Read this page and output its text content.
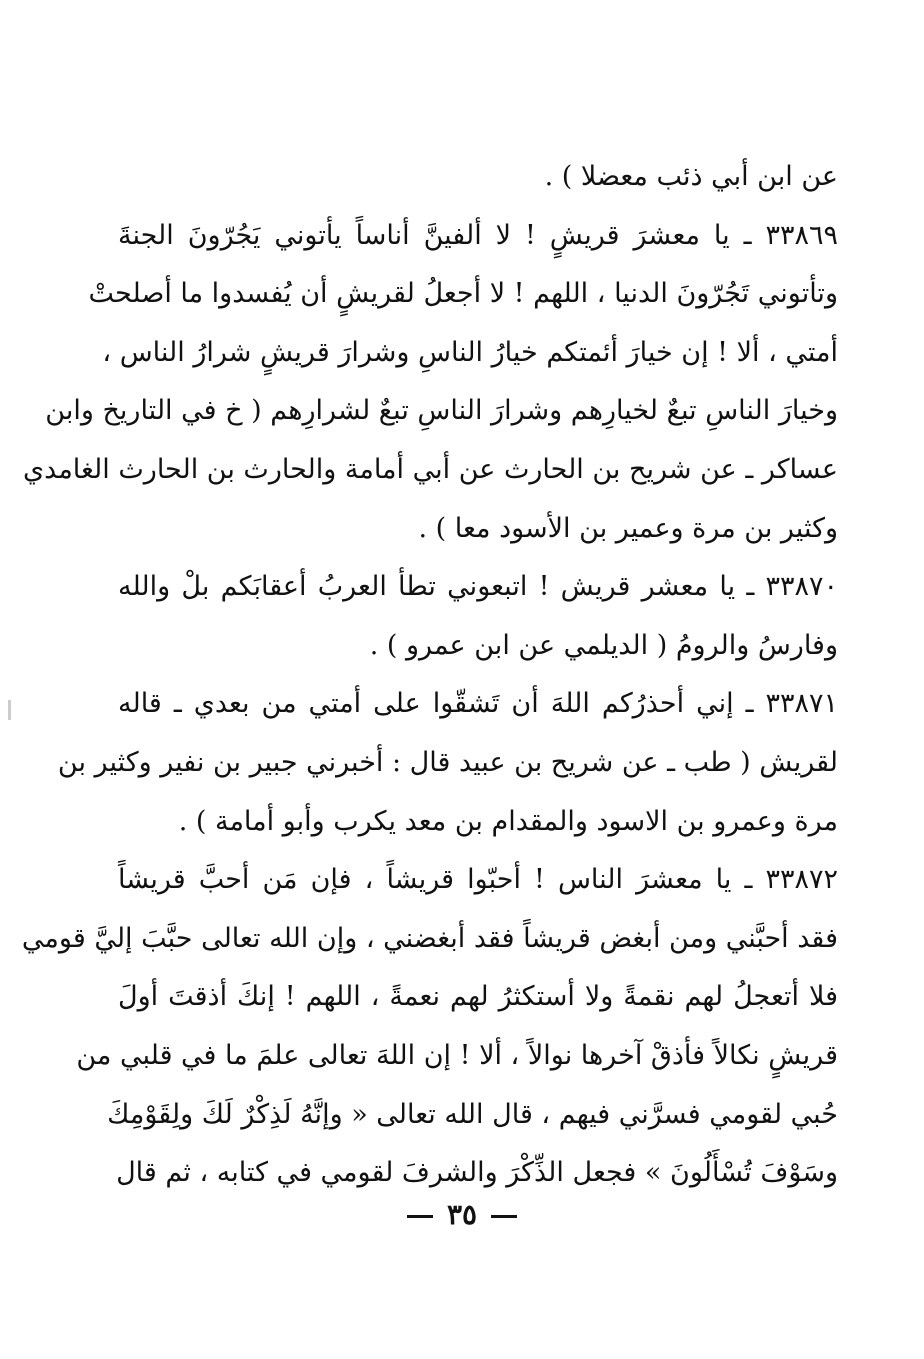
عن ابن أبي ذئب معضلا ) .
٣٣٨٦٩ ـ يا معشرَ قريشٍ ! لا ألفينَّ أناساً يأتوني يَجُرّونَ الجنةَ
وتأتوني تَجُرّونَ الدنيا ، اللهم ! لا أجعلُ لقريشٍ أن يُفسدوا ما أصلحتْ
أمتي ، ألا ! إن خيارَ أئمتكم خيارُ الناسِ وشرارَ قريشٍ شرارُ الناس ،
وخيارَ الناسِ تبعٌ لخيارِهم وشرارَ الناسِ تبعٌ لشرارِهم ( خ في التاريخ وابن
عساكر ـ عن شريح بن الحارث عن أبي أمامة والحارث بن الحارث الغامدي
وكثير بن مرة وعمير بن الأسود معا ) .
٣٣٨٧٠ ـ يا معشر قريش ! اتبعوني تطأ العربُ أعقابَكم بلْ والله
وفارسُ والرومُ ( الديلمي عن ابن عمرو ) .
٣٣٨٧١ ـ إني أحذرُكم اللهَ أن تَشقّوا على أمتي من بعدي ـ قاله
لقريش ( طب ـ عن شريح بن عبيد قال : أخبرني جبير بن نفير وكثير بن
مرة وعمرو بن الاسود والمقدام بن معد يكرب وأبو أمامة ) .
٣٣٨٧٢ ـ يا معشرَ الناس ! أحبّوا قريشاً ، فإن مَن أحبَّ قريشاً
فقد أحبَّني ومن أبغض قريشاً فقد أبغضني ، وإن الله تعالى حبَّبَ إليَّ قومي
فلا أتعجلُ لهم نقمةً ولا أستكثرُ لهم نعمةً ، اللهم ! إنكَ أذقتَ أولَ
قريشٍ نكالاً فأذقْ آخرها نوالاً ، ألا ! إن اللهَ تعالى علمَ ما في قلبي من
حُبي لقومي فسرَّني فيهم ، قال الله تعالى « وإنَّهُ لَذِكْرٌ لَكَ ولِقَوْمِكَ
وسَوْفَ تُسْأَلُونَ » فجعل الذِّكْرَ والشرفَ لقومي في كتابه ، ثم قال
٣٥
